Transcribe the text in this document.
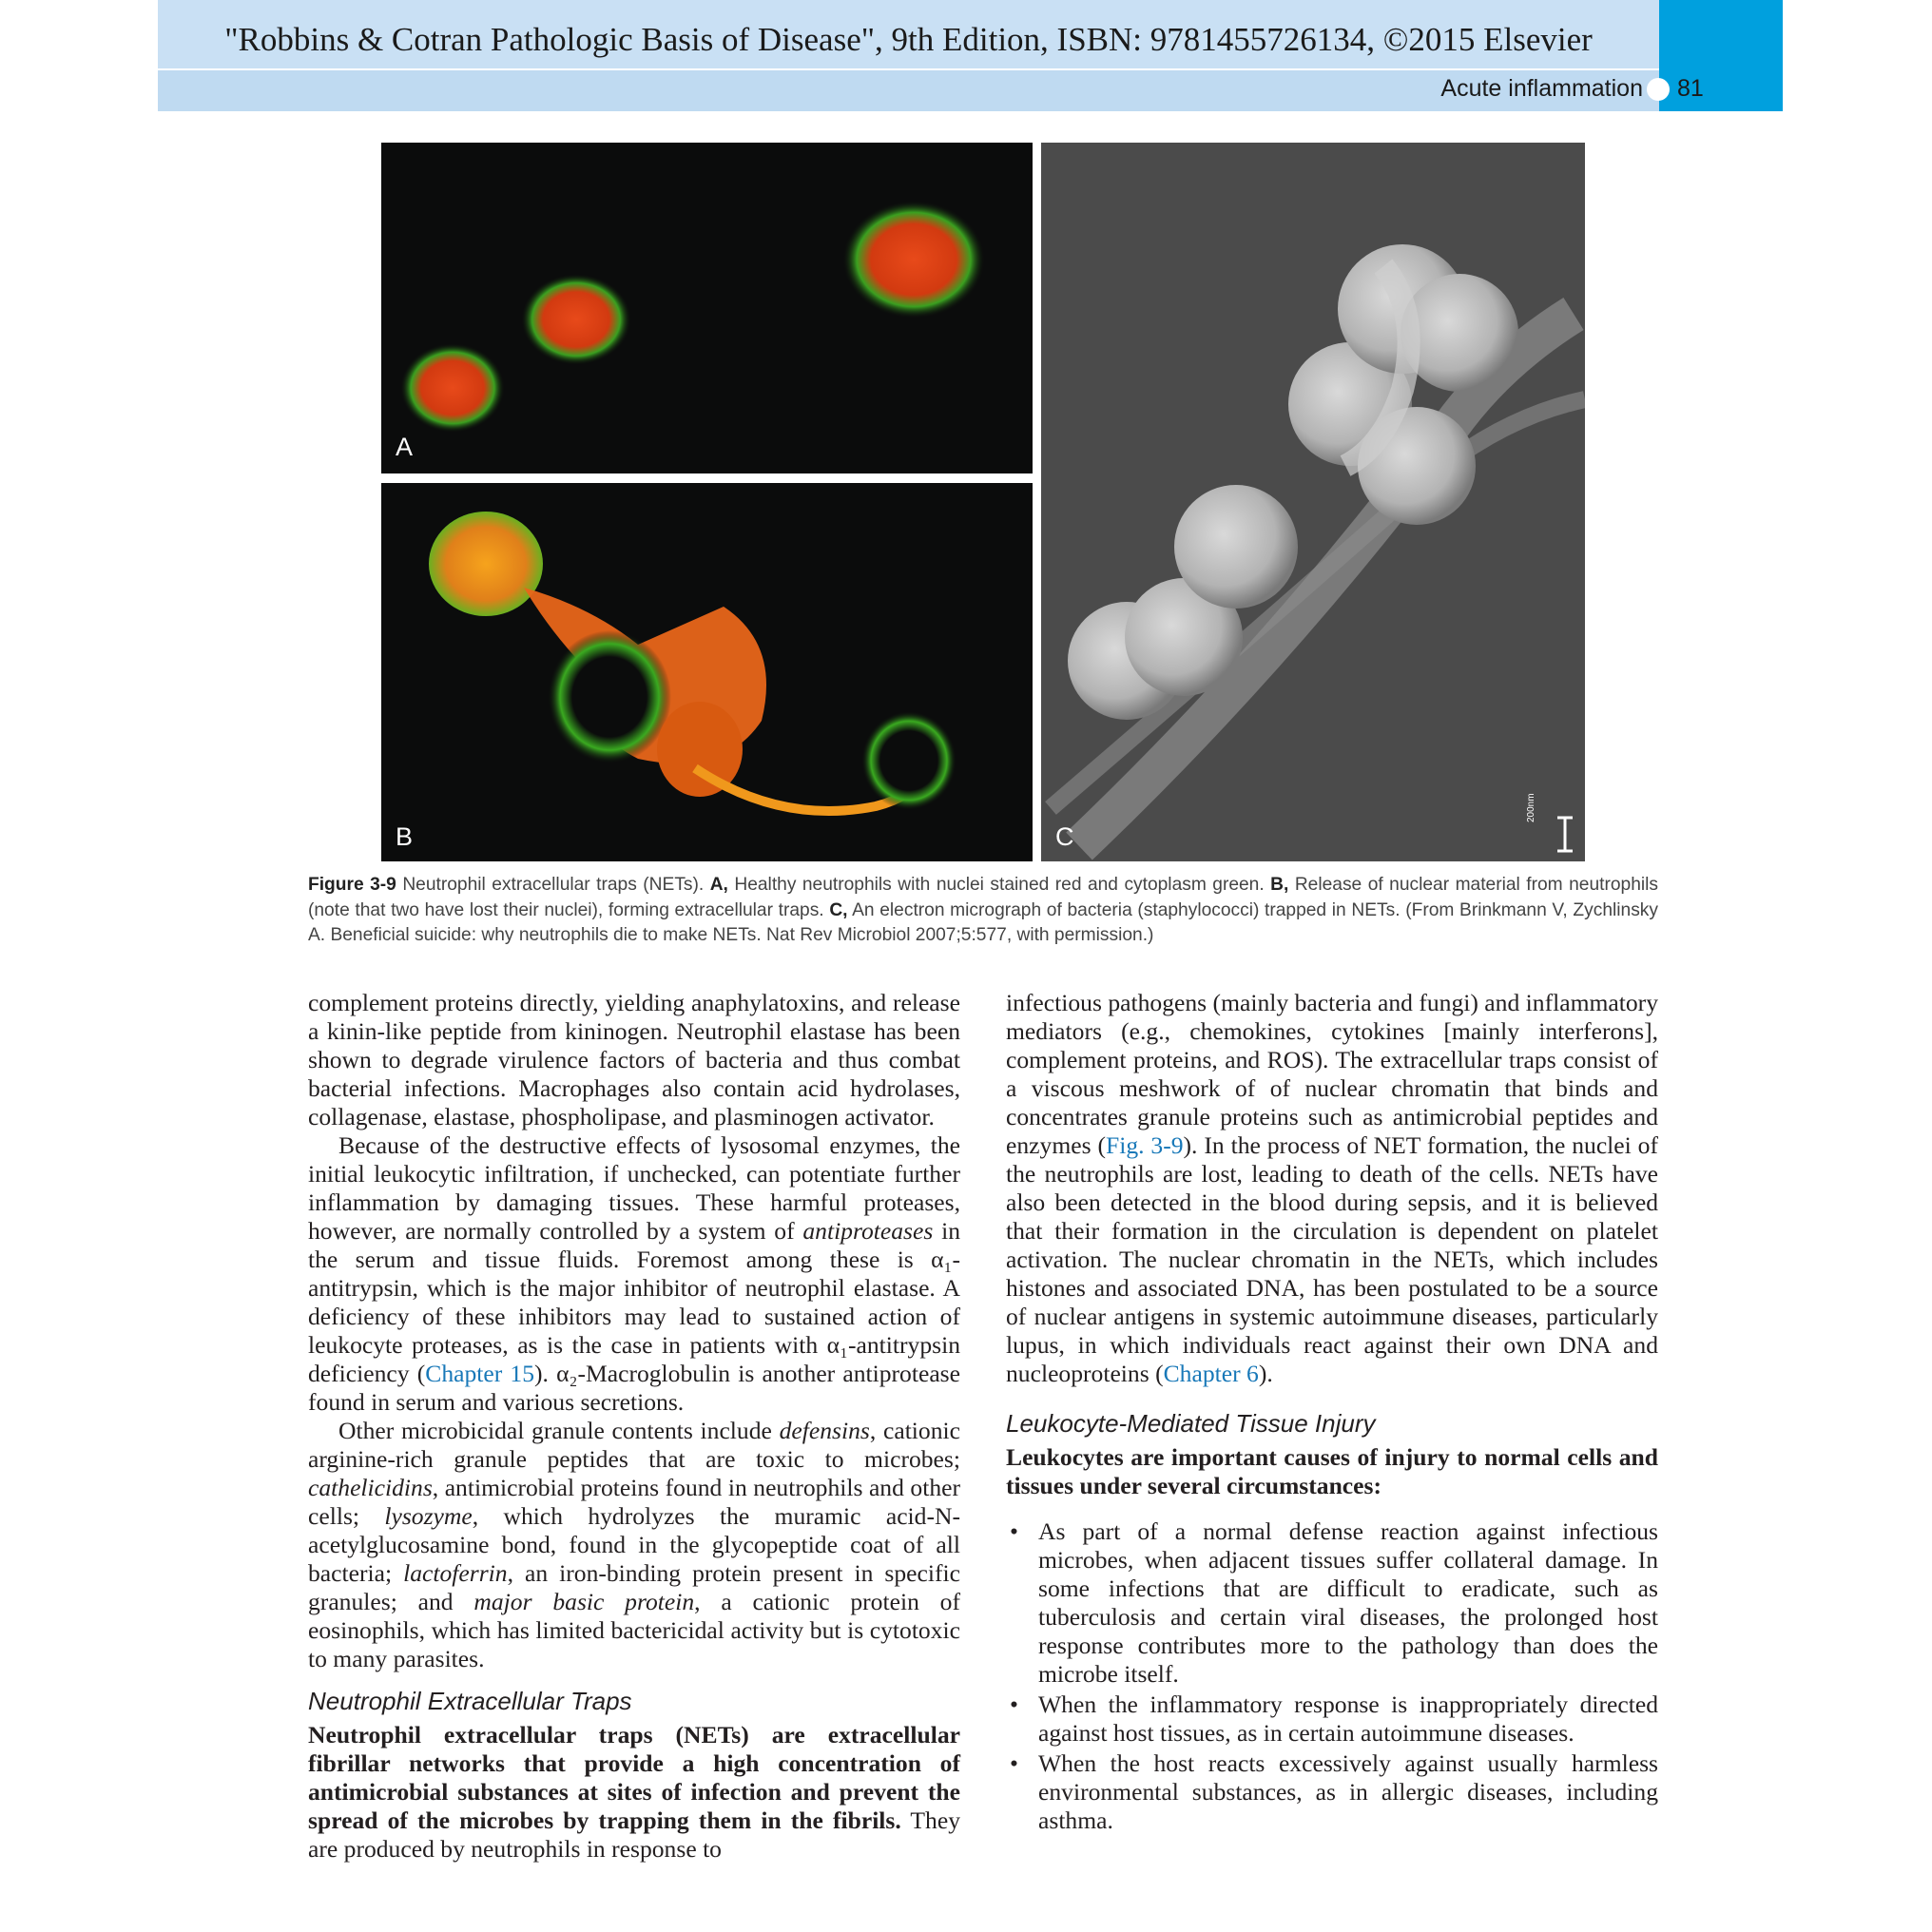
"Robbins & Cotran Pathologic Basis of Disease", 9th Edition, ISBN: 9781455726134, ©2015 Elsevier
Acute inflammation 81
A
B	C
200nm
Figure 3-9 Neutrophil extracellular traps (NETs). A, Healthy neutrophils with nuclei stained red and cytoplasm green. B, Release of nuclear material from neutrophils (note that two have lost their nuclei), forming extracellular traps. C, An electron micrograph of bacteria (staphylococci) trapped in NETs. (From Brinkmann V, Zychlinsky A. Beneficial suicide: why neutrophils die to make NETs. Nat Rev Microbiol 2007;5:577, with permission.)

complement proteins directly, yielding anaphylatoxins, and release a kinin-like peptide from kininogen. Neutrophil elastase has been shown to degrade virulence factors of bacteria and thus combat bacterial infections. Macrophages also contain acid hydrolases, collagenase, elastase, phospholipase, and plasminogen activator.

Because of the destructive effects of lysosomal enzymes, the initial leukocytic infiltration, if unchecked, can potentiate further inflammation by damaging tissues. These harmful proteases, however, are normally controlled by a system of antiproteases in the serum and tissue fluids. Foremost among these is α₁-antitrypsin, which is the major inhibitor of neutrophil elastase. A deficiency of these inhibitors may lead to sustained action of leukocyte proteases, as is the case in patients with α₁-antitrypsin deficiency (Chapter 15). α₂-Macroglobulin is another antiprotease found in serum and various secretions.

Other microbicidal granule contents include defensins, cationic arginine-rich granule peptides that are toxic to microbes; cathelicidins, antimicrobial proteins found in neutrophils and other cells; lysozyme, which hydrolyzes the muramic acid-N-acetylglucosamine bond, found in the glycopeptide coat of all bacteria; lactoferrin, an iron-binding protein present in specific granules; and major basic protein, a cationic protein of eosinophils, which has limited bactericidal activity but is cytotoxic to many parasites.

Neutrophil Extracellular Traps

Neutrophil extracellular traps (NETs) are extracellular fibrillar networks that provide a high concentration of antimicrobial substances at sites of infection and prevent the spread of the microbes by trapping them in the fibrils. They are produced by neutrophils in response to

infectious pathogens (mainly bacteria and fungi) and inflammatory mediators (e.g., chemokines, cytokines [mainly interferons], complement proteins, and ROS). The extracellular traps consist of a viscous meshwork of of nuclear chromatin that binds and concentrates granule proteins such as antimicrobial peptides and enzymes (Fig. 3-9). In the process of NET formation, the nuclei of the neutrophils are lost, leading to death of the cells. NETs have also been detected in the blood during sepsis, and it is believed that their formation in the circulation is dependent on platelet activation. The nuclear chromatin in the NETs, which includes histones and associated DNA, has been postulated to be a source of nuclear antigens in systemic autoimmune diseases, particularly lupus, in which individuals react against their own DNA and nucleoproteins (Chapter 6).

Leukocyte-Mediated Tissue Injury

Leukocytes are important causes of injury to normal cells and tissues under several circumstances:

• As part of a normal defense reaction against infectious microbes, when adjacent tissues suffer collateral damage. In some infections that are difficult to eradicate, such as tuberculosis and certain viral diseases, the prolonged host response contributes more to the pathology than does the microbe itself.
• When the inflammatory response is inappropriately directed against host tissues, as in certain autoimmune diseases.
• When the host reacts excessively against usually harmless environmental substances, as in allergic diseases, including asthma.
